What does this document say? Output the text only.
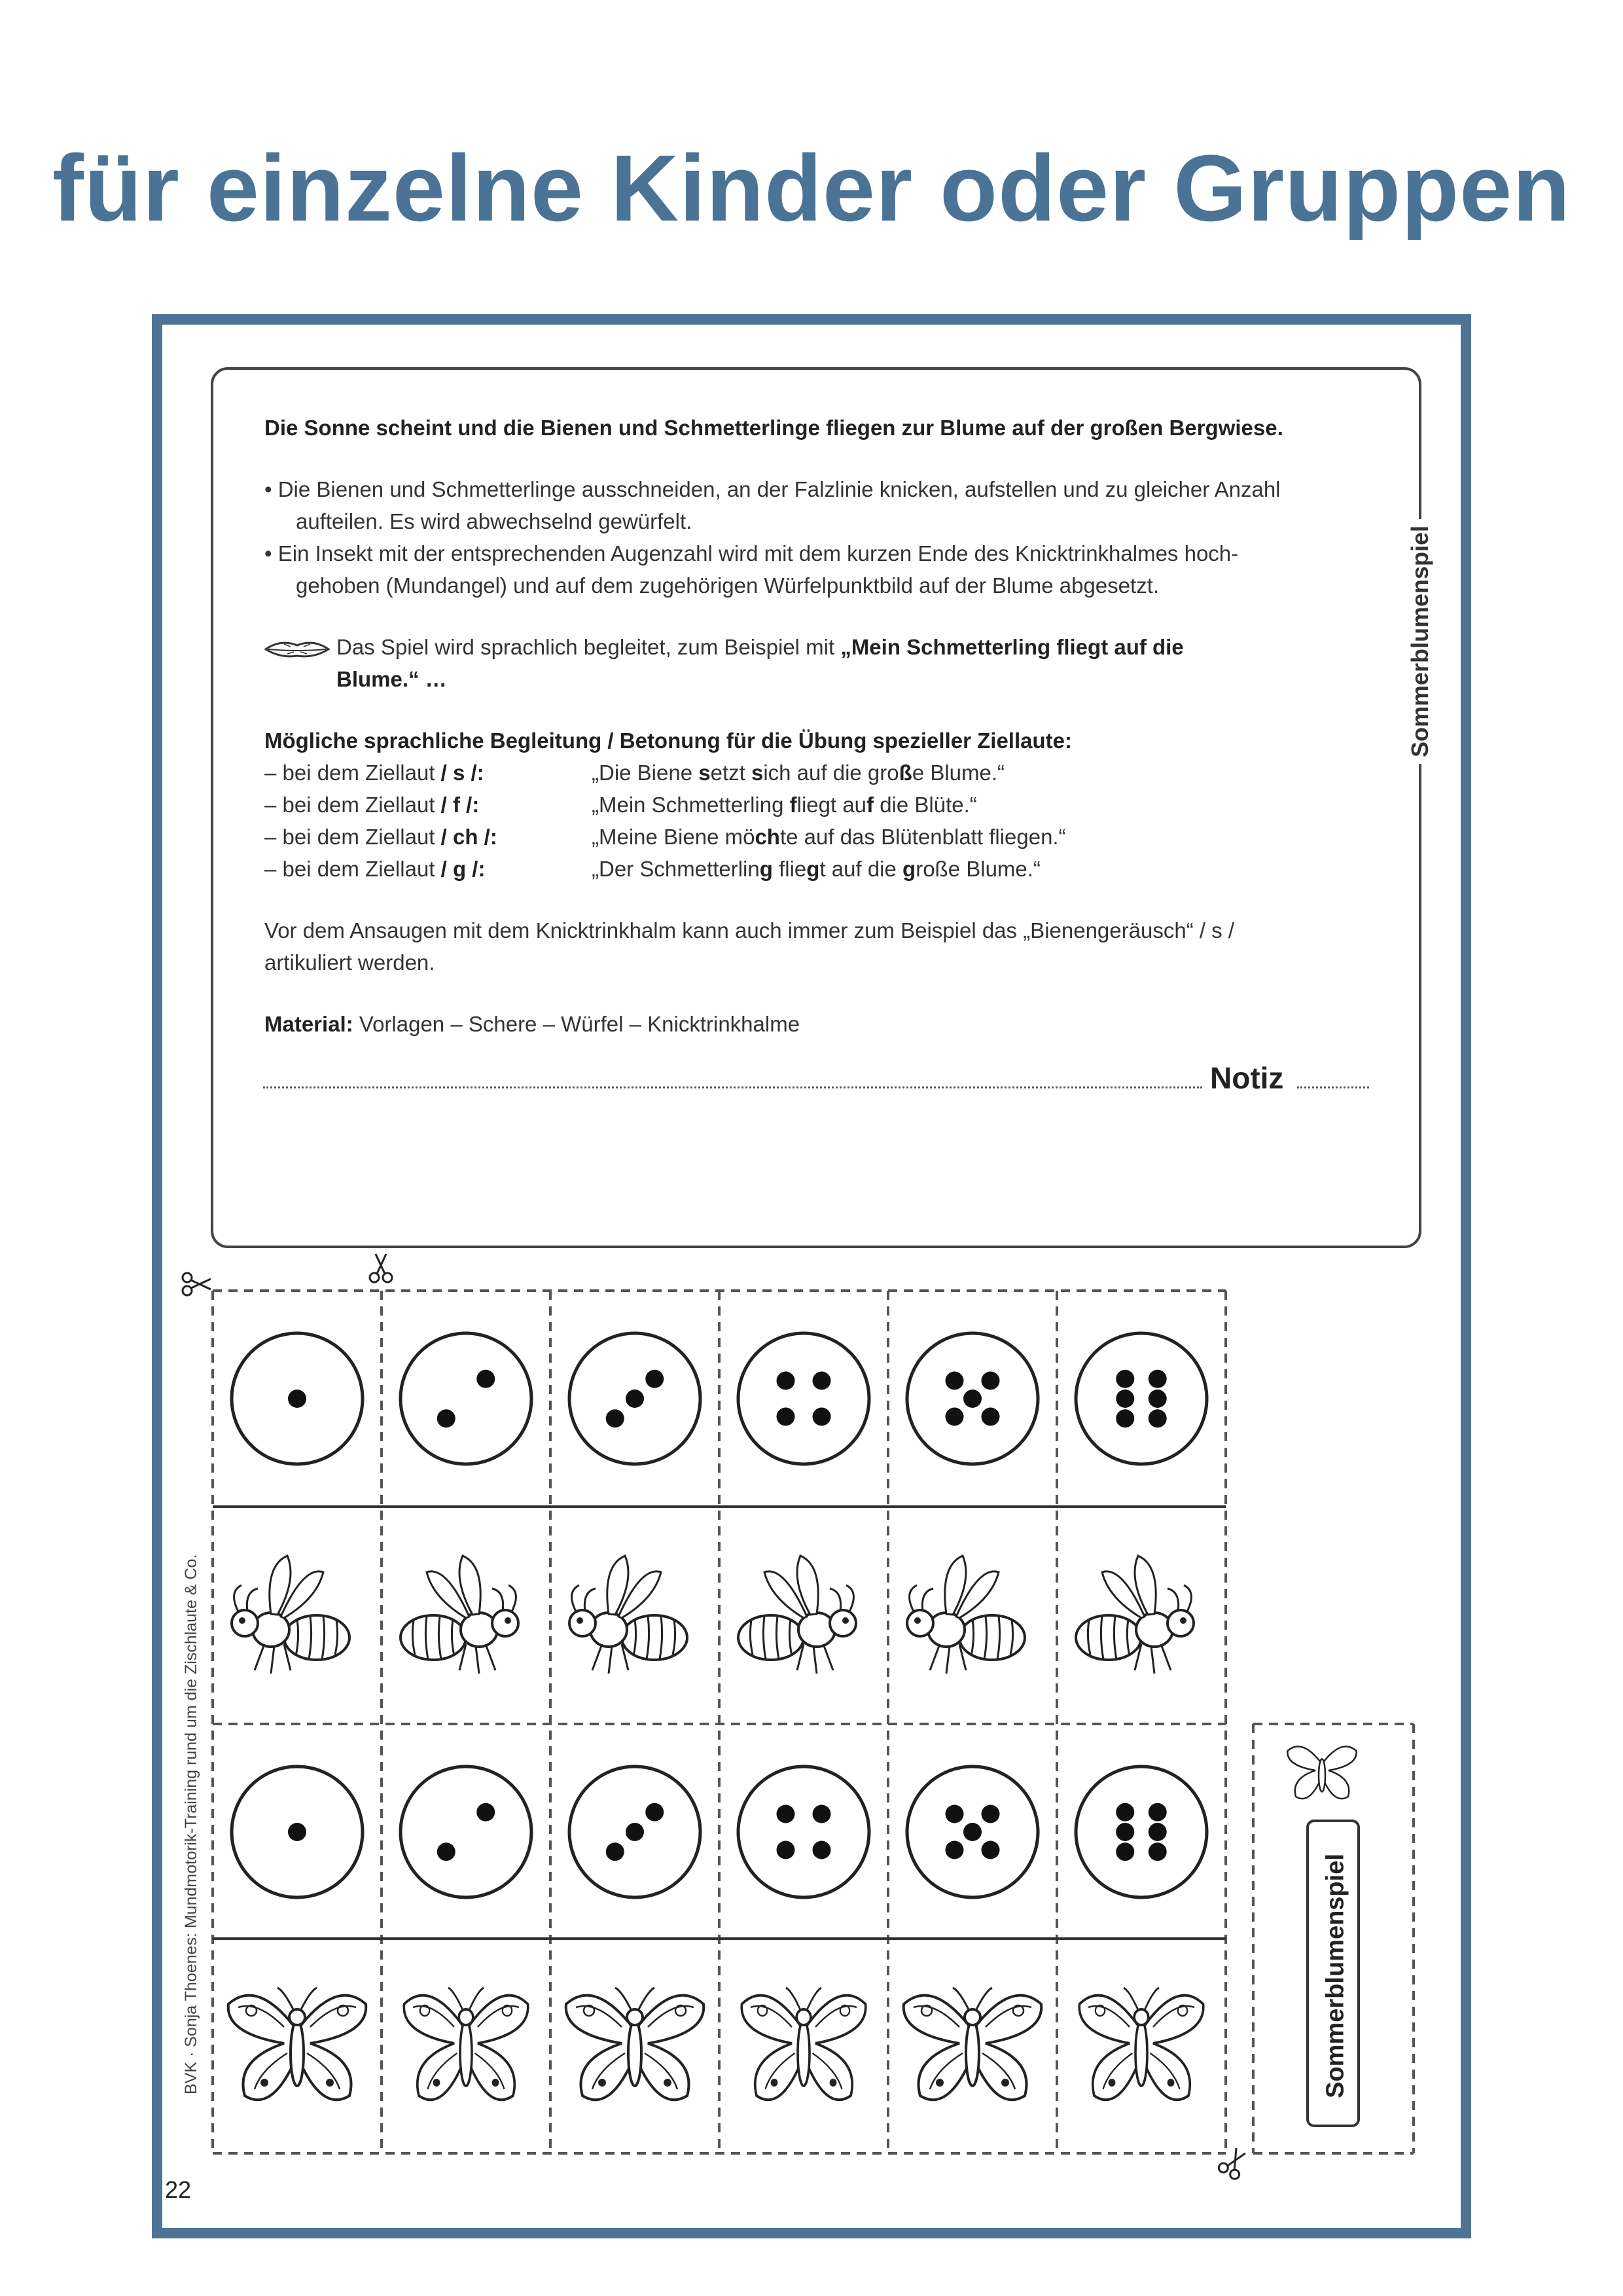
für einzelne Kinder oder Gruppen

Die Sonne scheint und die Bienen und Schmetterlinge fliegen zur Blume auf der großen Bergwiese.

• Die Bienen und Schmetterlinge ausschneiden, an der Falzlinie knicken, aufstellen und zu gleicher Anzahl
aufteilen. Es wird abwechselnd gewürfelt.

• Ein Insekt mit der entsprechenden Augenzahl wird mit dem kurzen Ende des Knicktrinkhalmes hoch-
gehoben (Mundangel) und auf dem zugehörigen Würfelpunktbild auf der Blume abgesetzt.

Das Spiel wird sprachlich begleitet, zum Beispiel mit „Mein Schmetterling fliegt auf die
Blume.“ …

Mögliche sprachliche Begleitung / Betonung für die Übung spezieller Ziellaute:

– bei dem Ziellaut / s /:	„Die Biene setzt sich auf die große Blume.“
– bei dem Ziellaut / f /:	„Mein Schmetterling fliegt auf die Blüte.“
– bei dem Ziellaut / ch /:	„Meine Biene möchte auf das Blütenblatt fliegen.“
– bei dem Ziellaut / g /:	„Der Schmetterling fliegt auf die große Blume.“

Vor dem Ansaugen mit dem Knicktrinkhalm kann auch immer zum Beispiel das „Bienengeräusch“ / s /
artikuliert werden.

Material: Vorlagen – Schere – Würfel – Knicktrinkhalme

Notiz
Sommerblumenspiel
BVK · Sonja Thoenes: Mundmotorik-Training rund um die Zischlaute & Co.
22
Sommerblumenspiel
